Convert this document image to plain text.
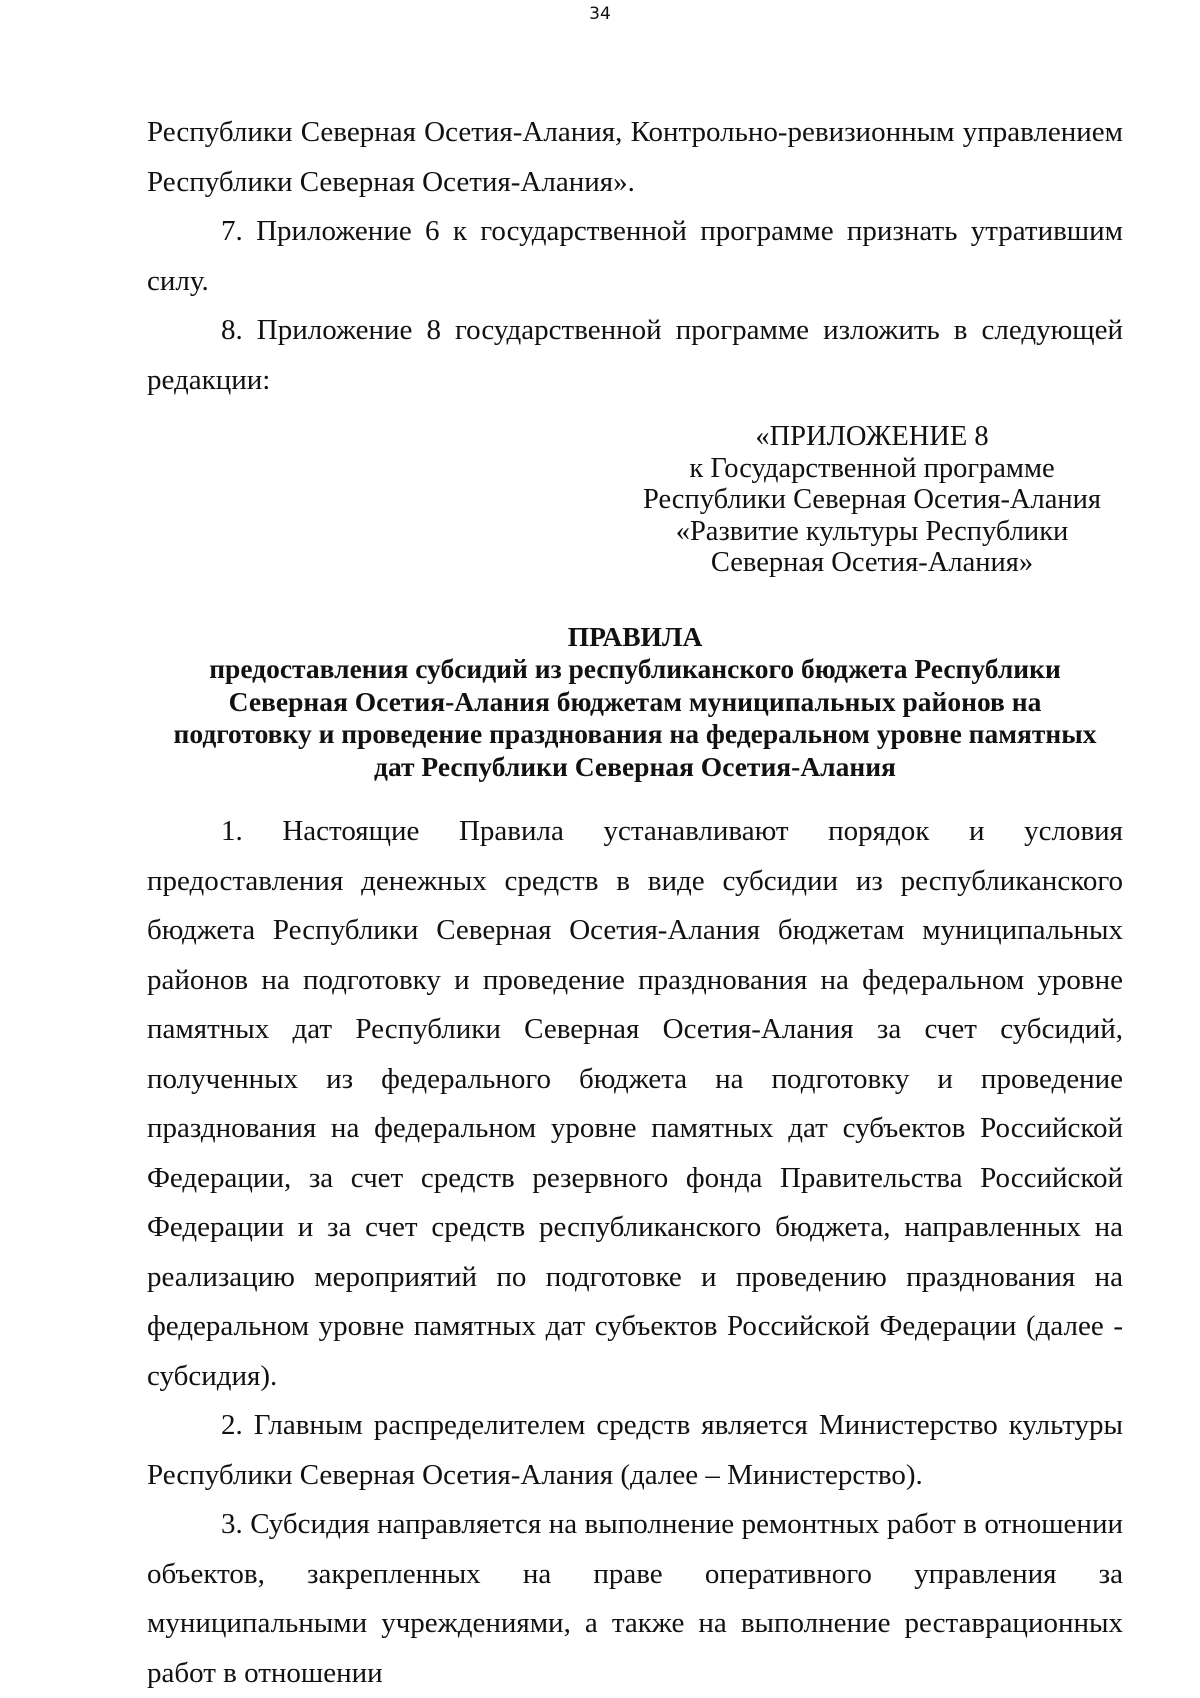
34

Республики Северная Осетия-Алания, Контрольно-ревизионным управлением Республики Северная Осетия-Алания».

7. Приложение 6 к государственной программе признать утратившим силу.

8. Приложение 8 государственной программе изложить в следующей редакции:

«ПРИЛОЖЕНИЕ 8
к Государственной программе
Республики Северная Осетия-Алания
«Развитие культуры Республики
Северная Осетия-Алания»
ПРАВИЛА
предоставления субсидий из республиканского бюджета Республики
Северная Осетия-Алания бюджетам муниципальных районов на
подготовку и проведение празднования на федеральном уровне памятных
дат Республики Северная Осетия-Алания

1. Настоящие Правила устанавливают порядок и условия предоставления денежных средств в виде субсидии из республиканского бюджета Республики Северная Осетия-Алания бюджетам муниципальных районов на подготовку и проведение празднования на федеральном уровне памятных дат Республики Северная Осетия-Алания за счет субсидий, полученных из федерального бюджета на подготовку и проведение празднования на федеральном уровне памятных дат субъектов Российской Федерации, за счет средств резервного фонда Правительства Российской Федерации и за счет средств республиканского бюджета, направленных на реализацию мероприятий по подготовке и проведению празднования на федеральном уровне памятных дат субъектов Российской Федерации (далее - субсидия).

2. Главным распределителем средств является Министерство культуры Республики Северная Осетия-Алания (далее – Министерство).

3. Субсидия направляется на выполнение ремонтных работ в отношении объектов, закрепленных на праве оперативного управления за муниципальными учреждениями, а также на выполнение реставрационных работ в отношении
